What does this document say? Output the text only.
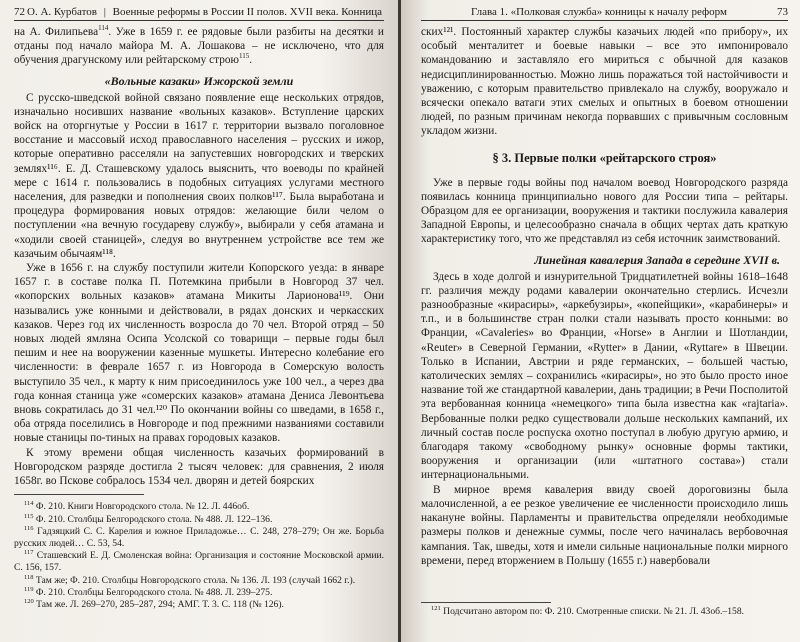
72 О. А. Курбатов | Военные реформы в России II полов. XVII века. Конница

на А. Филипьева$^{114}$. Уже в 1659 г. ее рядовые были разбиты на десятки и отданы под начало майора М. А. Лошакова – не исключено, что для обучения драгунскому или рейтарскому строю$^{115}$.

«Вольные казаки» Ижорской земли

С русско-шведской войной связано появление еще нескольких отрядов, изначально носивших название «вольных казаков». Вступление царских войск на оторгнутые у России в 1617 г. территории вызвало поголовное восстание и массовый исход православного населения – русских и ижор, которые оперативно расселяли на запустевших новгородских и тверских землях¹¹⁶. Е. Д. Сташевскому удалось выяснить, что воеводы по крайней мере с 1614 г. пользовались в подобных ситуациях услугами местного населения, для разведки и пополнения своих полков¹¹⁷. Была выработана и процедура формирования новых отрядов: желающие били челом о поступлении «на вечную государеву службу», выбирали у себя атамана и «ходили своей станицей», следуя во внутреннем устройстве все тем же казачьим обычаям¹¹⁸.

Уже в 1656 г. на службу поступили жители Копорского уезда: в январе 1657 г. в составе полка П. Потемкина прибыли в Новгород 37 чел. «копорских вольных казаков» атамана Микиты Ларионова¹¹⁹. Они назывались уже конными и действовали, в рядах донских и черкасских казаков. Через год их численность возросла до 70 чел. Второй отряд – 50 новых людей ямляна Осипа Усолской со товарищи – первые годы был пешим и нее на вооружении казенные мушкеты. Интересно колебание его численности: в феврале 1657 г. из Новгорода в Сомерскую волость выступило 35 чел., к марту к ним присоединилось уже 100 чел., а через два года конная станица уже «сомерских казаков» атамана Дениса Левонтьева вновь сократилась до 31 чел.¹²⁰ По окончании войны со шведами, в 1658 г., оба отряда поселились в Новгороде и под прежними названиями составили новые станицы по-тиных на правах городовых казаков.

К этому времени общая численность казачьих формирований в Новгородском разряде достигла 2 тысяч человек: для сравнения, 2 июля 1658г. во Пскове собралось 1534 чел. дворян и детей боярских

$^{114}$ Ф. 210. Книги Новгородского стола. № 12. Л. 446об.

$^{115}$ Ф. 210. Столбцы Белгородского стола. № 488. Л. 122–136.

$^{116}$ Гадзяцкий С. С. Карелия и южное Приладожье… С. 248, 278–279; Он же. Борьба русских людей… С. 53, 54.

$^{117}$ Сташевский Е. Д. Смоленская война: Организация и состояние Московской армии. С. 156, 157.

$^{118}$ Там же; Ф. 210. Столбцы Новгородского стола. № 136. Л. 193 (случай 1662 г.).

$^{119}$ Ф. 210. Столбцы Белгородского стола. № 488. Л. 239–275.

$^{120}$ Там же. Л. 269–270, 285–287, 294; АМГ. Т. 3. С. 118 (№ 126).

Глава 1. «Полковая служба» конницы к началу реформ	73

ских¹²¹. Постоянный характер службы казачьих людей «по прибору», их особый менталитет и боевые навыки – все это импонировало командованию и заставляло его мириться с обычной для казаков недисциплинированностью. Можно лишь поражаться той настойчивости и уважению, с которым правительство привлекало на службу, вооружало и всячески опекало ватаги этих смелых и опытных в боевом отношении людей, по разным причинам некогда порвавших с привычным сословным укладом жизни.

§ 3. Первые полки «рейтарского строя»

Уже в первые годы войны под началом воевод Новгородского разряда появилась конница принципиально нового для России типа – рейтары. Образцом для ее организации, вооружения и тактики послужила кавалерия Западной Европы, и целесообразно сначала в общих чертах дать краткую характеристику того, что же представлял из себя источник заимствований.

Линейная кавалерия Запада в середине XVII в.

Здесь в ходе долгой и изнурительной Тридцатилетней войны 1618–1648 гг. различия между родами кавалерии окончательно стерлись. Исчезли разнообразные «кирасиры», «аркебузиры», «копейщики», «карабинеры» и т.п., и в большинстве стран полки стали называть просто конными: во Франции, «Cavaleries» во Франции, «Horse» в Англии и Шотландии, «Reuter» в Северной Германии, «Rytter» в Дании, «Ryttare» в Швеции. Только в Испании, Австрии и ряде германских, – большей частью, католических землях – сохранились «кирасиры», но это было просто иное название той же стандартной кавалерии, дань традиции; в Речи Посполитой эта вербованная конница «немецкого» типа была известна как «rajtaria». Вербованные полки редко существовали дольше нескольких кампаний, их личный состав после роспуска охотно поступал в любую другую армию, и благодаря такому «свободному рынку» основные формы тактики, вооружения и организации (или «штатного состава») стали интернациональными.

В мирное время кавалерия ввиду своей дороговизны была малочисленной, а ее резкое увеличение ее численности происходило лишь накануне войны. Парламенты и правительства определяли необходимые размеры полков и денежные суммы, после чего начиналась вербовочная кампания. Так, шведы, хотя и имели сильные национальные полки мирного времени, перед вторжением в Польшу (1655 г.) навербовали

$^{121}$ Подсчитано автором по: Ф. 210. Смотренные списки. № 21. Л. 43об.–158.
